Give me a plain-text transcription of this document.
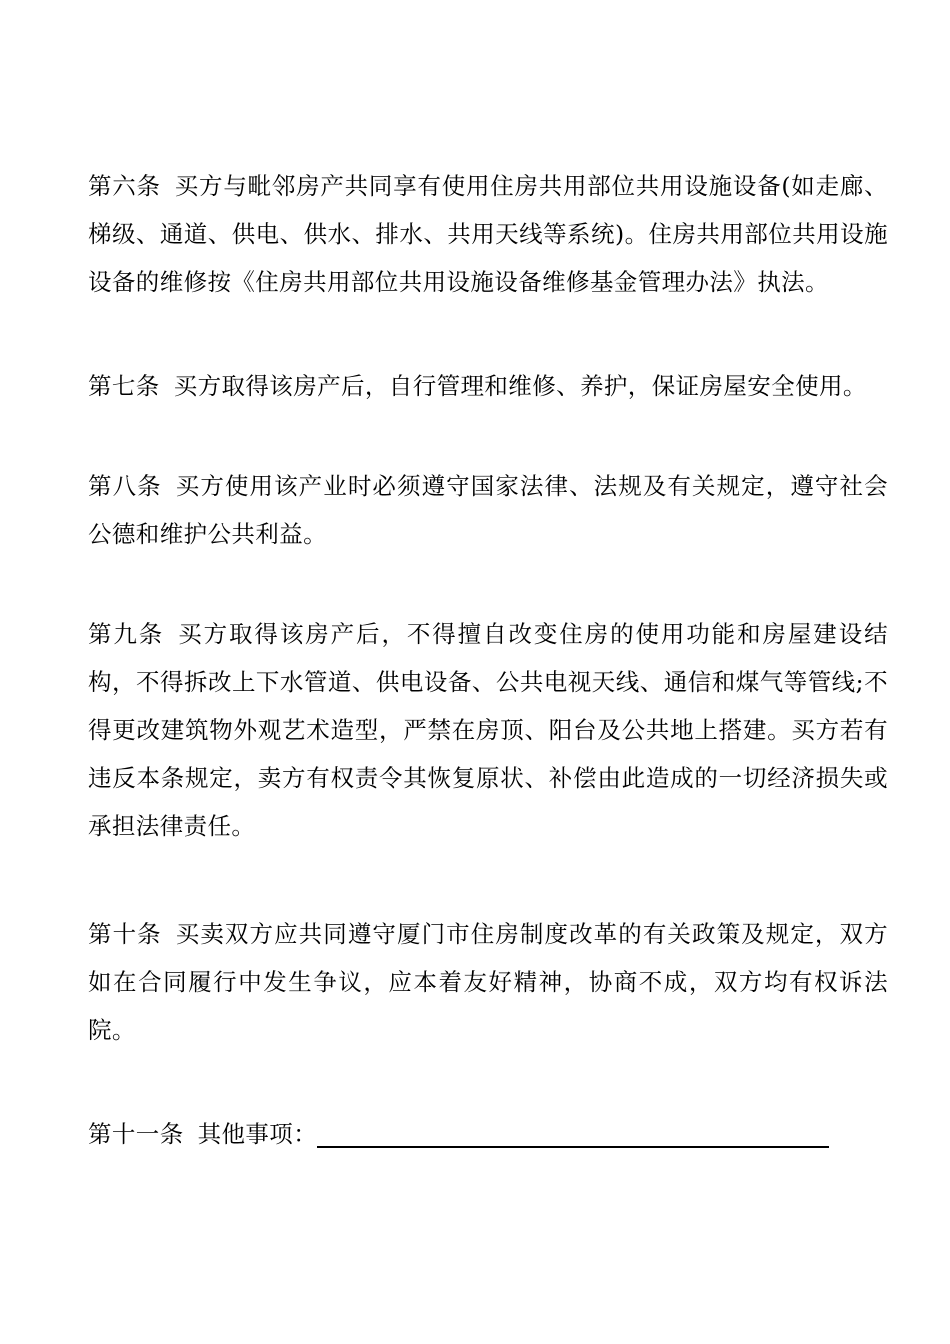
第六条 买方与毗邻房产共同享有使用住房共用部位共用设施设备(如走廊、梯级、通道、供电、供水、排水、共用天线等系统)。住房共用部位共用设施设备的维修按《住房共用部位共用设施设备维修基金管理办法》执法。
第七条 买方取得该房产后，自行管理和维修、养护，保证房屋安全使用。
第八条 买方使用该产业时必须遵守国家法律、法规及有关规定，遵守社会公德和维护公共利益。
第九条 买方取得该房产后，不得擅自改变住房的使用功能和房屋建设结构，不得拆改上下水管道、供电设备、公共电视天线、通信和煤气等管线;不得更改建筑物外观艺术造型，严禁在房顶、阳台及公共地上搭建。买方若有违反本条规定，卖方有权责令其恢复原状、补偿由此造成的一切经济损失或承担法律责任。
第十条 买卖双方应共同遵守厦门市住房制度改革的有关政策及规定，双方如在合同履行中发生争议，应本着友好精神，协商不成，双方均有权诉法院。
第十一条 其他事项：
